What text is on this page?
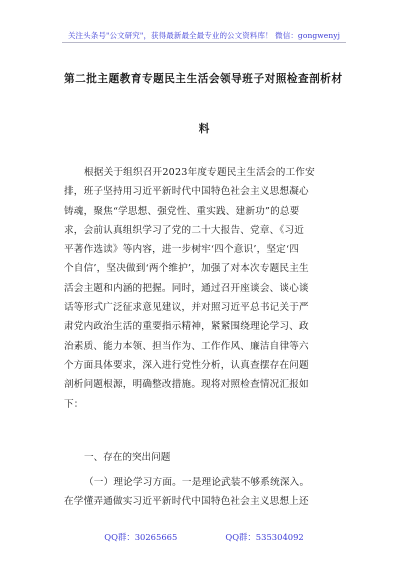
关注头条号"公文研究"，获得最新最全最专业的公文资料库！ 微信：gongwenyj
第二批主题教育专题民主生活会领导班子对照检查剖析材
料
根据关于组织召开2023年度专题民主生活会的工作安
排，班子坚持用习近平新时代中国特色社会主义思想凝心
铸魂，聚焦“学思想、强党性、重实践、建新功”的总要
求，会前认真组织学习了党的二十大报告、党章、《习近
平著作选读》等内容，进一步树牢‘四个意识’，坚定‘四
个自信’，坚决做到‘两个维护’，加强了对本次专题民主生
活会主题和内涵的把握。同时，通过召开座谈会、谈心谈
话等形式广泛征求意见建议，并对照习近平总书记关于严
肃党内政治生活的重要指示精神，紧紧围绕理论学习、政
治素质、能力本领、担当作为、工作作风、廉洁自律等六
个方面具体要求，深入进行党性分析，认真查摆存在问题
剖析问题根源，明确整改措施。现将对照检查情况汇报如
下：
一、存在的突出问题
（一）理论学习方面。一是理论武装不够系统深入。
在学懂弄通做实习近平新时代中国特色社会主义思想上还
QQ群：30265665	QQ群：535304092
